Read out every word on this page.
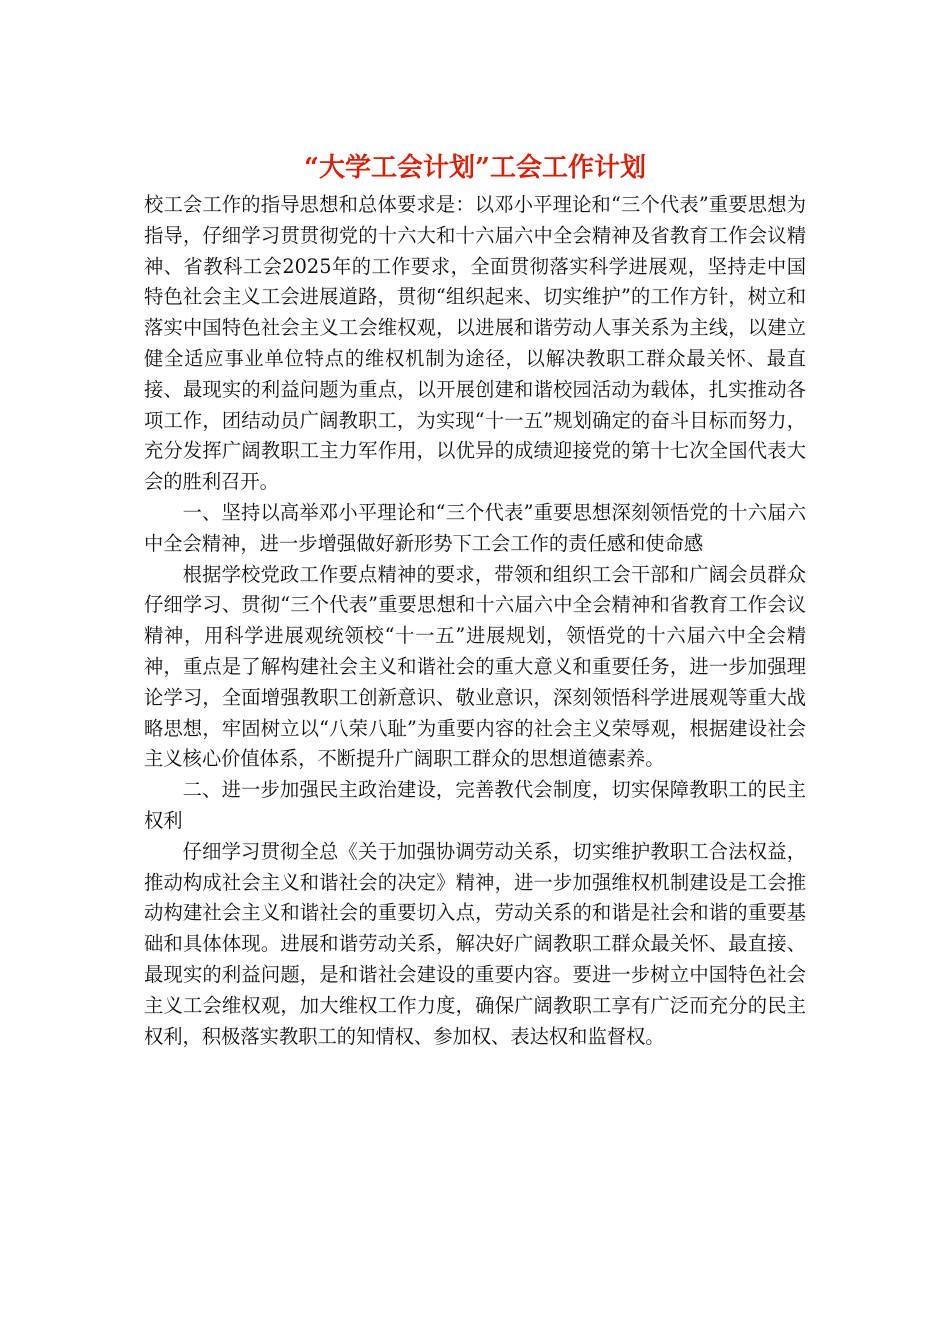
“大学工会计划”工会工作计划

校工会工作的指导思想和总体要求是：以邓小平理论和“三个代表”重要思想为指导，仔细学习贯贯彻党的十六大和十六届六中全会精神及省教育工作会议精神、省教科工会2025年的工作要求，全面贯彻落实科学进展观，坚持走中国特色社会主义工会进展道路，贯彻“组织起来、切实维护”的工作方针，树立和落实中国特色社会主义工会维权观，以进展和谐劳动人事关系为主线，以建立健全适应事业单位特点的维权机制为途径，以解决教职工群众最关怀、最直接、最现实的利益问题为重点，以开展创建和谐校园活动为载体，扎实推动各项工作，团结动员广阔教职工，为实现“十一五”规划确定的奋斗目标而努力，充分发挥广阔教职工主力军作用，以优异的成绩迎接党的第十七次全国代表大会的胜利召开。

一、坚持以高举邓小平理论和“三个代表”重要思想深刻领悟党的十六届六中全会精神，进一步增强做好新形势下工会工作的责任感和使命感

根据学校党政工作要点精神的要求，带领和组织工会干部和广阔会员群众仔细学习、贯彻“三个代表”重要思想和十六届六中全会精神和省教育工作会议精神，用科学进展观统领校“十一五”进展规划，领悟党的十六届六中全会精神，重点是了解构建社会主义和谐社会的重大意义和重要任务，进一步加强理论学习，全面增强教职工创新意识、敬业意识，深刻领悟科学进展观等重大战略思想，牢固树立以“八荣八耻”为重要内容的社会主义荣辱观，根据建设社会主义核心价值体系，不断提升广阔职工群众的思想道德素养。

二、进一步加强民主政治建设，完善教代会制度，切实保障教职工的民主权利

仔细学习贯彻全总《关于加强协调劳动关系，切实维护教职工合法权益，推动构成社会主义和谐社会的决定》精神，进一步加强维权机制建设是工会推动构建社会主义和谐社会的重要切入点，劳动关系的和谐是社会和谐的重要基础和具体体现。进展和谐劳动关系，解决好广阔教职工群众最关怀、最直接、最现实的利益问题，是和谐社会建设的重要内容。要进一步树立中国特色社会主义工会维权观，加大维权工作力度，确保广阔教职工享有广泛而充分的民主权利，积极落实教职工的知情权、参加权、表达权和监督权。
